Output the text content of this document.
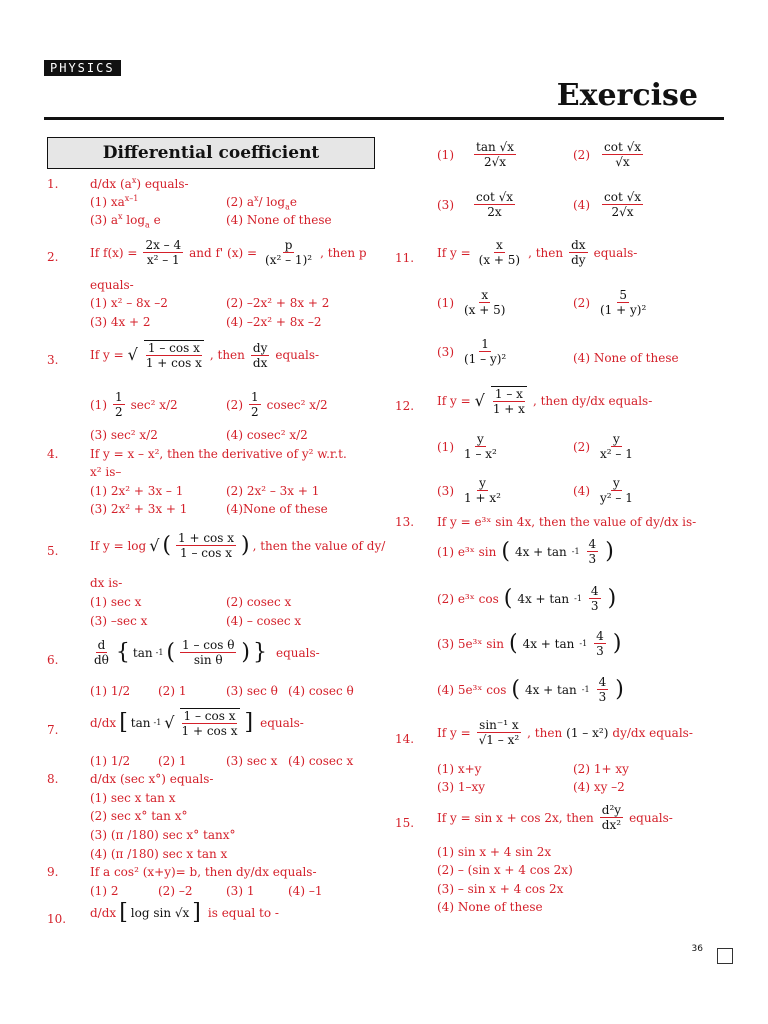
PHYSICS
Exercise
Differential coefficient
1.	d/dx $(a^x)$ equals-
(1) $xa^{x-1}$	(2) $a^x/$ $\log_ae$
(3) $a^x$ $\log_a e$	(4) None of these
2.	If $f(x) = \frac{2x - 4}{\text{x² – 1}}$ and f' $(x) = \frac{p}{\text{(x² – 1)²}}$ , then p
equals-
(1) x² – 8x –2	(2) –2x² + 8x + 2
(3) 4x + 2	(4) –2x² + 8x –2
3.	If y = √ $\frac{\text{1 – cos x}}{\text{1 + cos x}}$ , then $\frac{dy}{dx}$ equals-
$(1) \frac{1}{2} \sec^2$ x/2	$(2) \frac{1}{2} cosec^2$ x/2
(3) sec² x/2	(4) cosec² x/2
4.	If y = x – x², then the derivative of y² w.r.t.
x² is–
(1) 2x² + 3x – 1	(2) 2x² – 3x + 1
(3) 2x² + 3x + 1	(4)None of these
5.	If y = log √ ( $\frac{\text{1 + cos x}}{\text{1 – cos x}}$ ) , then the value of dy/
dx is-
(1) sec x	(2) cosec x
(3) –sec x	(4) – cosec x
6.	$\frac{d}{d\theta}$ { tan -1 ( $\frac{\text{1 – cos θ}}{\text{sin θ}}$ ) } equals-
(1) 1/2 (2) 1	(3) sec θ (4) cosec θ
7.	d/dx [ tan -1 √ $\frac{\text{1 – cos x}}{\text{1 + cos x}}$ ] equals-
(1) 1/2 (2) 1	(3) sec x (4) cosec x
8.	d/dx (sec x°) equals-
(1) sec x tan x
(2) sec x° tan x°
(3) (π /180) sec x° tanx°
(4) (π /180) sec x tan x
9.	If a cos² (x+y)= b, then dy/dx equals-
(1) 2	(2) –2	(3) 1	(4) –1
10. d/dx [ log sin √x ] is equal to -
$(1) \frac{\tan √x}{2√x}$	$(2) \frac{\cot √x}{√x}$
$(3) \frac{\cot √x}{2x}$	$(4) \frac{\cot √x}{2√x}$
11. If $y = \frac{x}{(x + 5)}$ , then $\frac{dx}{dy}$ equals-
$(1) \frac{x}{(x + 5)}$	$(2) \frac{5}{\text{(1 + y)²}}$
$(3) \frac{1}{\text{(1 – y)²}}$	(4) None of these
12. If y = √ $\frac{1 - x}{1 + x}$ , then dy/dx equals-
$(1) \frac{y}{\text{1 – x²}}$	$(2) \frac{y}{\text{x² – 1}}$
$(3) \frac{y}{\text{1 + x²}}$	$(4) \frac{y}{\text{y² – 1}}$
13. If y = e³ˣ sin 4x, then the value of dy/dx is-
(1) e³ˣ sin ( $4x + \tan -1 \frac{4}{3}$ )
(2) e³ˣ cos ( $4x + \tan -1 \frac{4}{3}$ )
(3) 5e³ˣ sin ( $4x + \tan -1 \frac{4}{3}$ )
(4) 5e³ˣ cos ( $4x + \tan -1 \frac{4}{3}$ )
14. If $y = \frac{\text{sin⁻¹ x}}{\text{√1 – x²}}$ , then (1 – x²) dy/dx equals-
(1) x+y	(2) 1+ xy
(3) 1–xy	(4) xy –2
15. If y = sin x + cos 2x, then $\frac{\text{d²y}}{\text{dx²}}$ equals-
(1) sin x + 4 sin 2x
(2) – (sin x + 4 cos 2x)
(3) – sin x + 4 cos 2x
(4) None of these
36
